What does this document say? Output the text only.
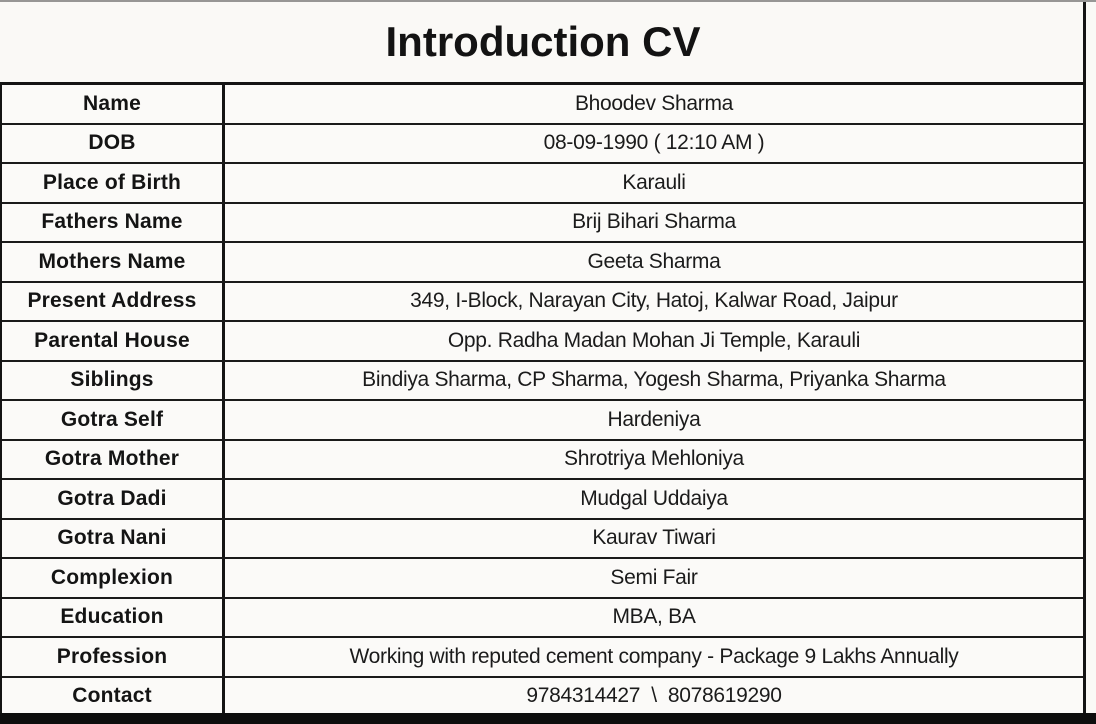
Introduction CV
Name	Bhoodev Sharma
DOB	08-09-1990 ( 12:10 AM )
Place of Birth	Karauli
Fathers Name	Brij Bihari Sharma
Mothers Name	Geeta Sharma
Present Address	349, I-Block, Narayan City, Hatoj, Kalwar Road, Jaipur
Parental House	Opp. Radha Madan Mohan Ji Temple, Karauli
Siblings	Bindiya Sharma, CP Sharma, Yogesh Sharma, Priyanka Sharma
Gotra Self	Hardeniya
Gotra Mother	Shrotriya Mehloniya
Gotra Dadi	Mudgal Uddaiya
Gotra Nani	Kaurav Tiwari
Complexion	Semi Fair
Education	MBA, BA
Profession	Working with reputed cement company - Package 9 Lakhs Annually
Contact	9784314427  \  8078619290
